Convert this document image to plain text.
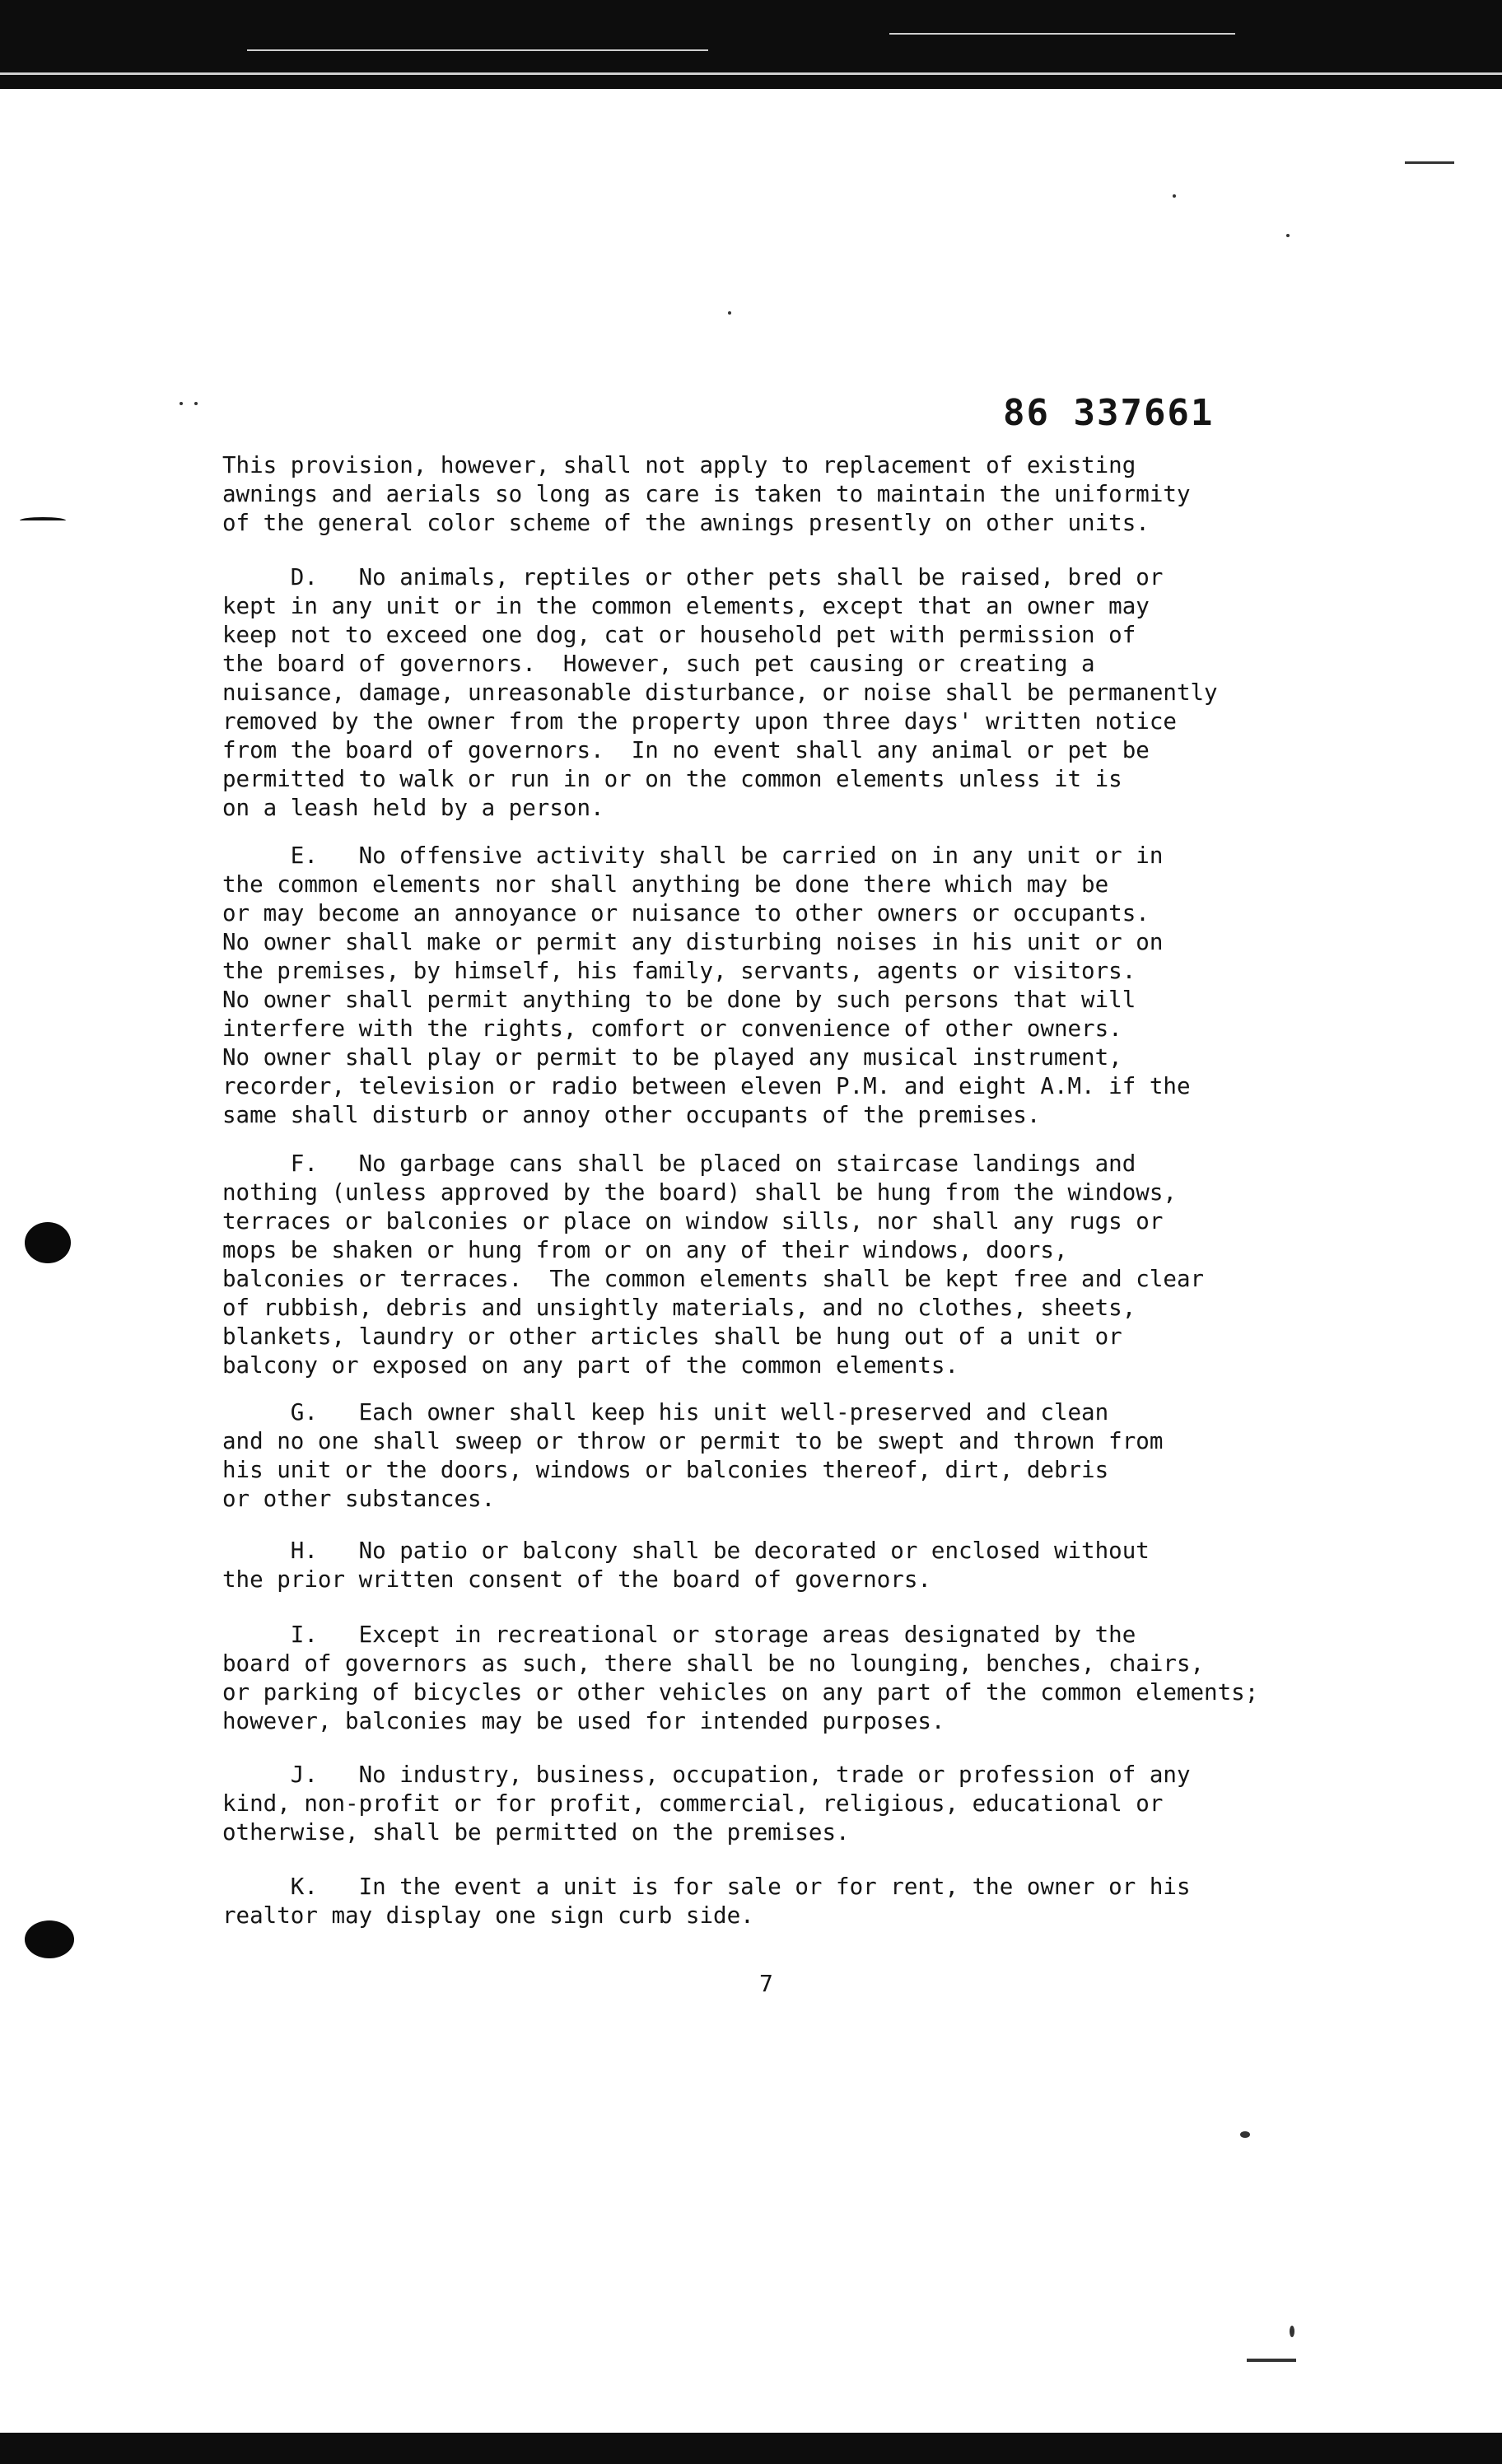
86 337661
This provision, however, shall not apply to replacement of existing
awnings and aerials so long as care is taken to maintain the uniformity
of the general color scheme of the awnings presently on other units.
D.   No animals, reptiles or other pets shall be raised, bred or
kept in any unit or in the common elements, except that an owner may
keep not to exceed one dog, cat or household pet with permission of
the board of governors.  However, such pet causing or creating a
nuisance, damage, unreasonable disturbance, or noise shall be permanently
removed by the owner from the property upon three days' written notice
from the board of governors.  In no event shall any animal or pet be
permitted to walk or run in or on the common elements unless it is
on a leash held by a person.
E.   No offensive activity shall be carried on in any unit or in
the common elements nor shall anything be done there which may be
or may become an annoyance or nuisance to other owners or occupants.
No owner shall make or permit any disturbing noises in his unit or on
the premises, by himself, his family, servants, agents or visitors.
No owner shall permit anything to be done by such persons that will
interfere with the rights, comfort or convenience of other owners.
No owner shall play or permit to be played any musical instrument,
recorder, television or radio between eleven P.M. and eight A.M. if the
same shall disturb or annoy other occupants of the premises.
F.   No garbage cans shall be placed on staircase landings and
nothing (unless approved by the board) shall be hung from the windows,
terraces or balconies or place on window sills, nor shall any rugs or
mops be shaken or hung from or on any of their windows, doors,
balconies or terraces.  The common elements shall be kept free and clear
of rubbish, debris and unsightly materials, and no clothes, sheets,
blankets, laundry or other articles shall be hung out of a unit or
balcony or exposed on any part of the common elements.
G.   Each owner shall keep his unit well-preserved and clean
and no one shall sweep or throw or permit to be swept and thrown from
his unit or the doors, windows or balconies thereof, dirt, debris
or other substances.
H.   No patio or balcony shall be decorated or enclosed without
the prior written consent of the board of governors.
I.   Except in recreational or storage areas designated by the
board of governors as such, there shall be no lounging, benches, chairs,
or parking of bicycles or other vehicles on any part of the common elements;
however, balconies may be used for intended purposes.
J.   No industry, business, occupation, trade or profession of any
kind, non-profit or for profit, commercial, religious, educational or
otherwise, shall be permitted on the premises.
K.   In the event a unit is for sale or for rent, the owner or his
realtor may display one sign curb side.
7
